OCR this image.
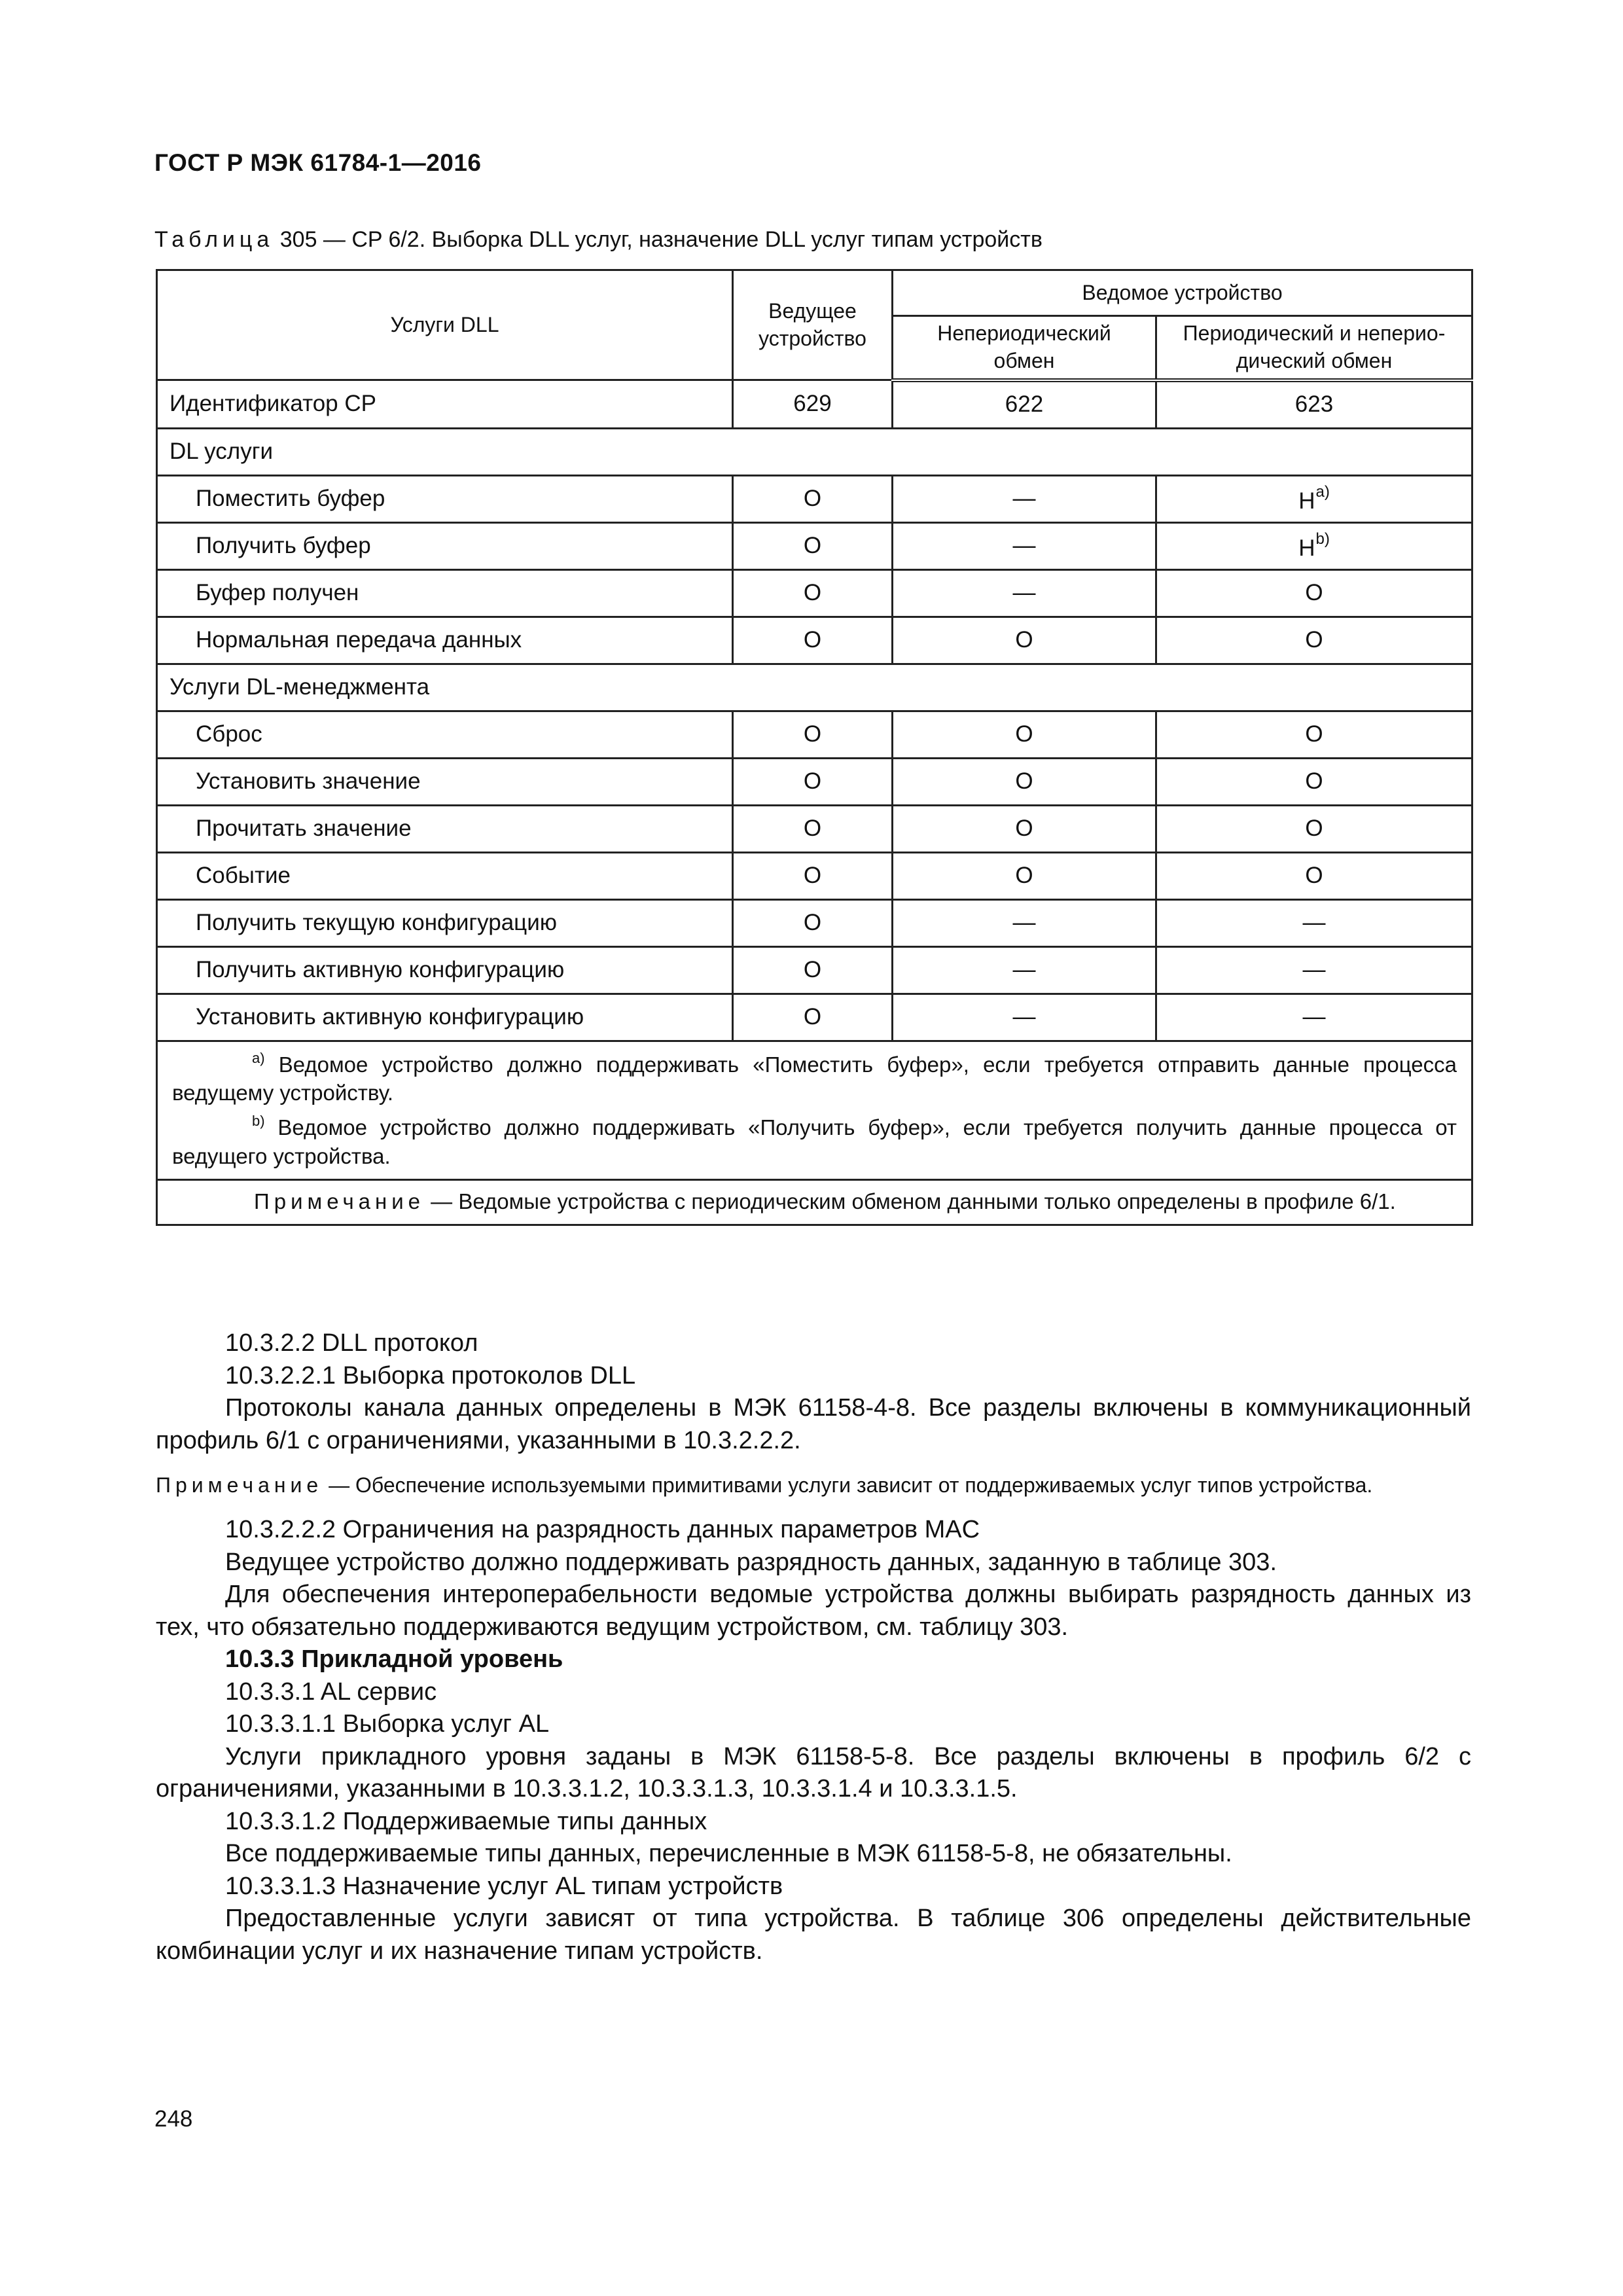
ГОСТ Р МЭК 61784-1—2016
Таблица 305 — CP 6/2. Выборка DLL услуг, назначение DLL услуг типам устройств
Услуги DLL	Ведущее устройство	Ведомое устройство	
		Непериодический обмен	Периодический и неперио-дический обмен
Идентификатор CP	629	622	623
DL услуги			
Поместить буфер	O	—	$H^{a)}$
Получить буфер	O	—	$H^{b)}$
Буфер получен	O	—	O
Нормальная передача данных	O	O	O
Услуги DL-менеджмента			
Сброс	O	O	O
Установить значение	O	O	O
Прочитать значение	O	O	O
Событие	O	O	O
Получить текущую конфигурацию	O	—	—
Получить активную конфигурацию	O	—	—
Установить активную конфигурацию	O	—	—

$^{a)}$ Ведомое устройство должно поддерживать «Поместить буфер», если требуется отправить данные процесса ведущему устройству.
$^{b)}$ Ведомое устройство должно поддерживать «Получить буфер», если требуется получить данные процесса от ведущего устройства.			

Примечание — Ведомые устройства с периодическим обменом данными только определены в профиле 6/1.			

10.3.2.2 DLL протокол

10.3.2.2.1 Выборка протоколов DLL

Протоколы канала данных определены в МЭК 61158-4-8. Все разделы включены в коммуникационный профиль 6/1 с ограничениями, указанными в 10.3.2.2.2.

Примечание — Обеспечение используемыми примитивами услуги зависит от поддерживаемых услуг типов устройства.

10.3.2.2.2 Ограничения на разрядность данных параметров MAC

Ведущее устройство должно поддерживать разрядность данных, заданную в таблице 303.

Для обеспечения интероперабельности ведомые устройства должны выбирать разрядность данных из тех, что обязательно поддерживаются ведущим устройством, см. таблицу 303.

10.3.3 Прикладной уровень

10.3.3.1 AL сервис

10.3.3.1.1 Выборка услуг AL

Услуги прикладного уровня заданы в МЭК 61158-5-8. Все разделы включены в профиль 6/2 с ограничениями, указанными в 10.3.3.1.2, 10.3.3.1.3, 10.3.3.1.4 и 10.3.3.1.5.

10.3.3.1.2 Поддерживаемые типы данных

Все поддерживаемые типы данных, перечисленные в МЭК 61158-5-8, не обязательны.

10.3.3.1.3 Назначение услуг AL типам устройств

Предоставленные услуги зависят от типа устройства. В таблице 306 определены действительные комбинации услуг и их назначение типам устройств.

248
